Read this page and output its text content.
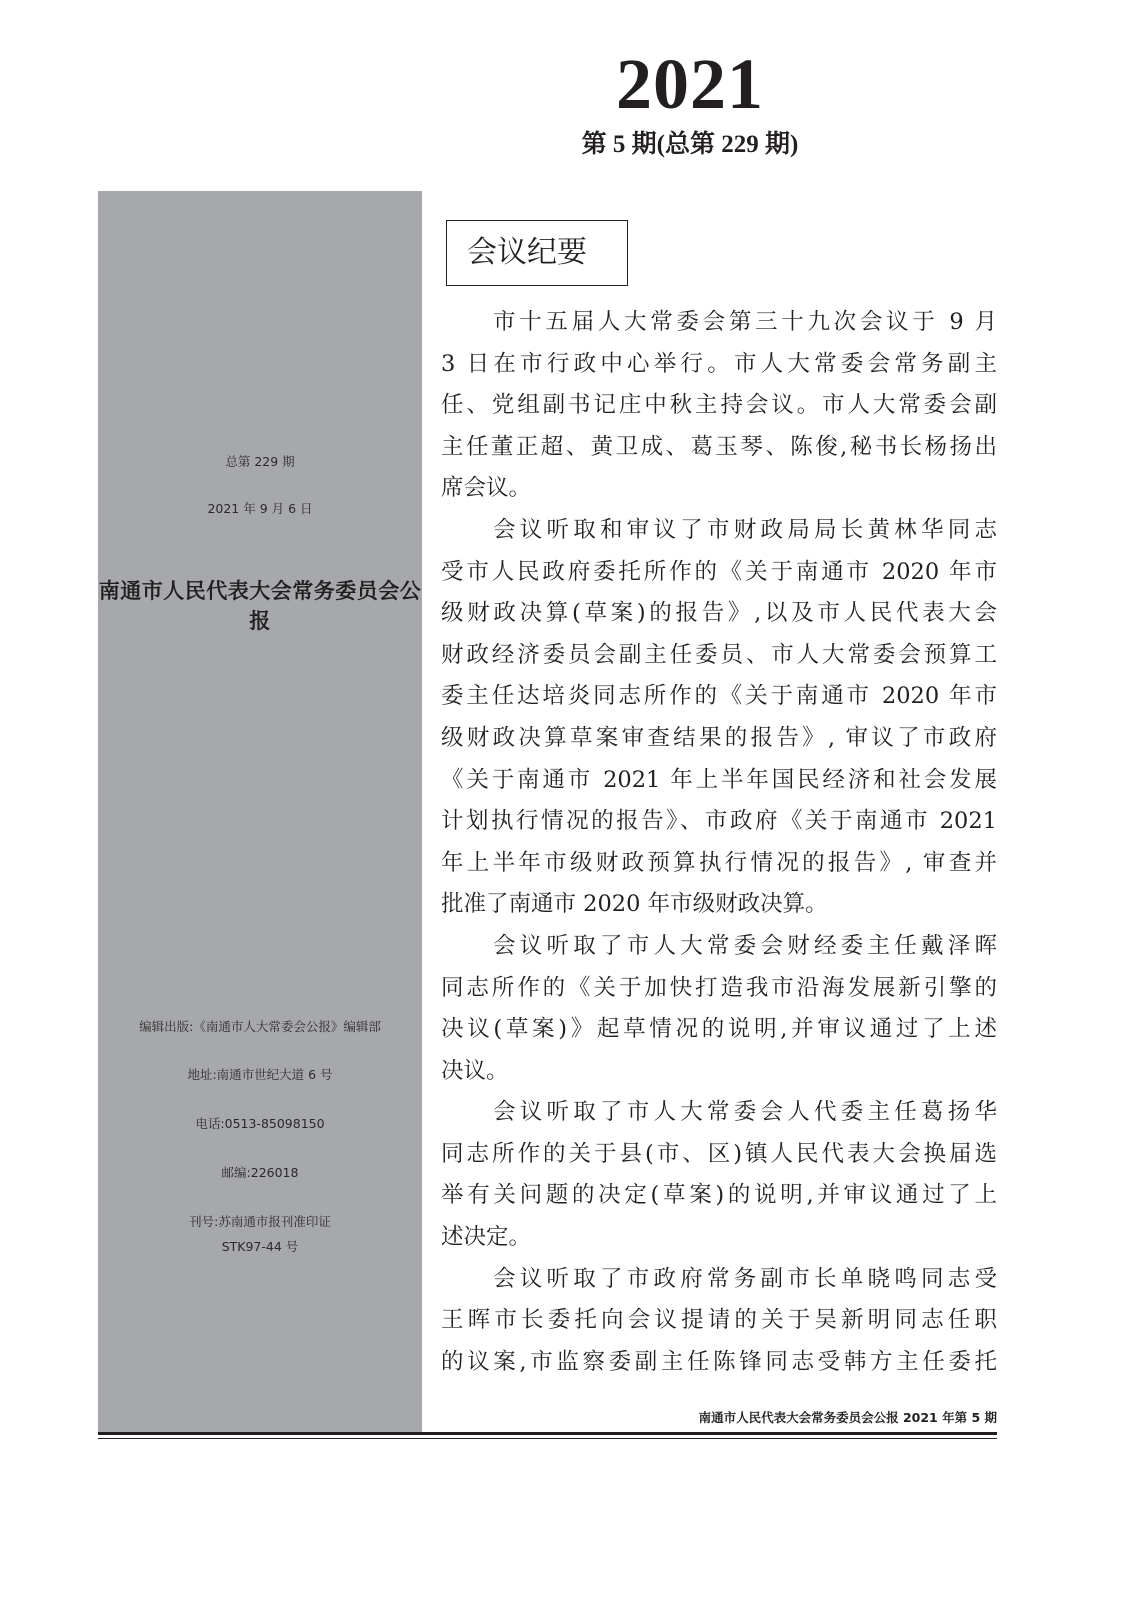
2021
第 5 期(总第 229 期)
南通市人民代表大会常务委员会公报
总第 229 期
2021 年 9 月 6 日
编辑出版:《南通市人大常委会公报》编辑部
地址:南通市世纪大道 6 号
电话:0513-85098150
邮编:226018
刊号:苏南通市报刊准印证
STK97-44 号
会议纪要
市十五届人大常委会第三十九次会议于 9 月
3 日在市行政中心举行。市人大常委会常务副主
任、党组副书记庄中秋主持会议。市人大常委会副
主任董正超、黄卫成、葛玉琴、陈俊,秘书长杨扬出
席会议。
会议听取和审议了市财政局局长黄林华同志
受市人民政府委托所作的《关于南通市 2020 年市
级财政决算(草案)的报告》,以及市人民代表大会
财政经济委员会副主任委员、市人大常委会预算工
委主任达培炎同志所作的《关于南通市 2020 年市
级财政决算草案审查结果的报告》, 审议了市政府
《关于南通市 2021 年上半年国民经济和社会发展
计划执行情况的报告》、市政府《关于南通市 2021
年上半年市级财政预算执行情况的报告》, 审查并
批准了南通市 2020 年市级财政决算。
会议听取了市人大常委会财经委主任戴泽晖
同志所作的《关于加快打造我市沿海发展新引擎的
决议(草案)》起草情况的说明,并审议通过了上述
决议。
会议听取了市人大常委会人代委主任葛扬华
同志所作的关于县(市、区)镇人民代表大会换届选
举有关问题的决定(草案)的说明,并审议通过了上
述决定。
会议听取了市政府常务副市长单晓鸣同志受
王晖市长委托向会议提请的关于吴新明同志任职
的议案,市监察委副主任陈锋同志受韩方主任委托
南通市人民代表大会常务委员会公报 2021 年第 5 期
